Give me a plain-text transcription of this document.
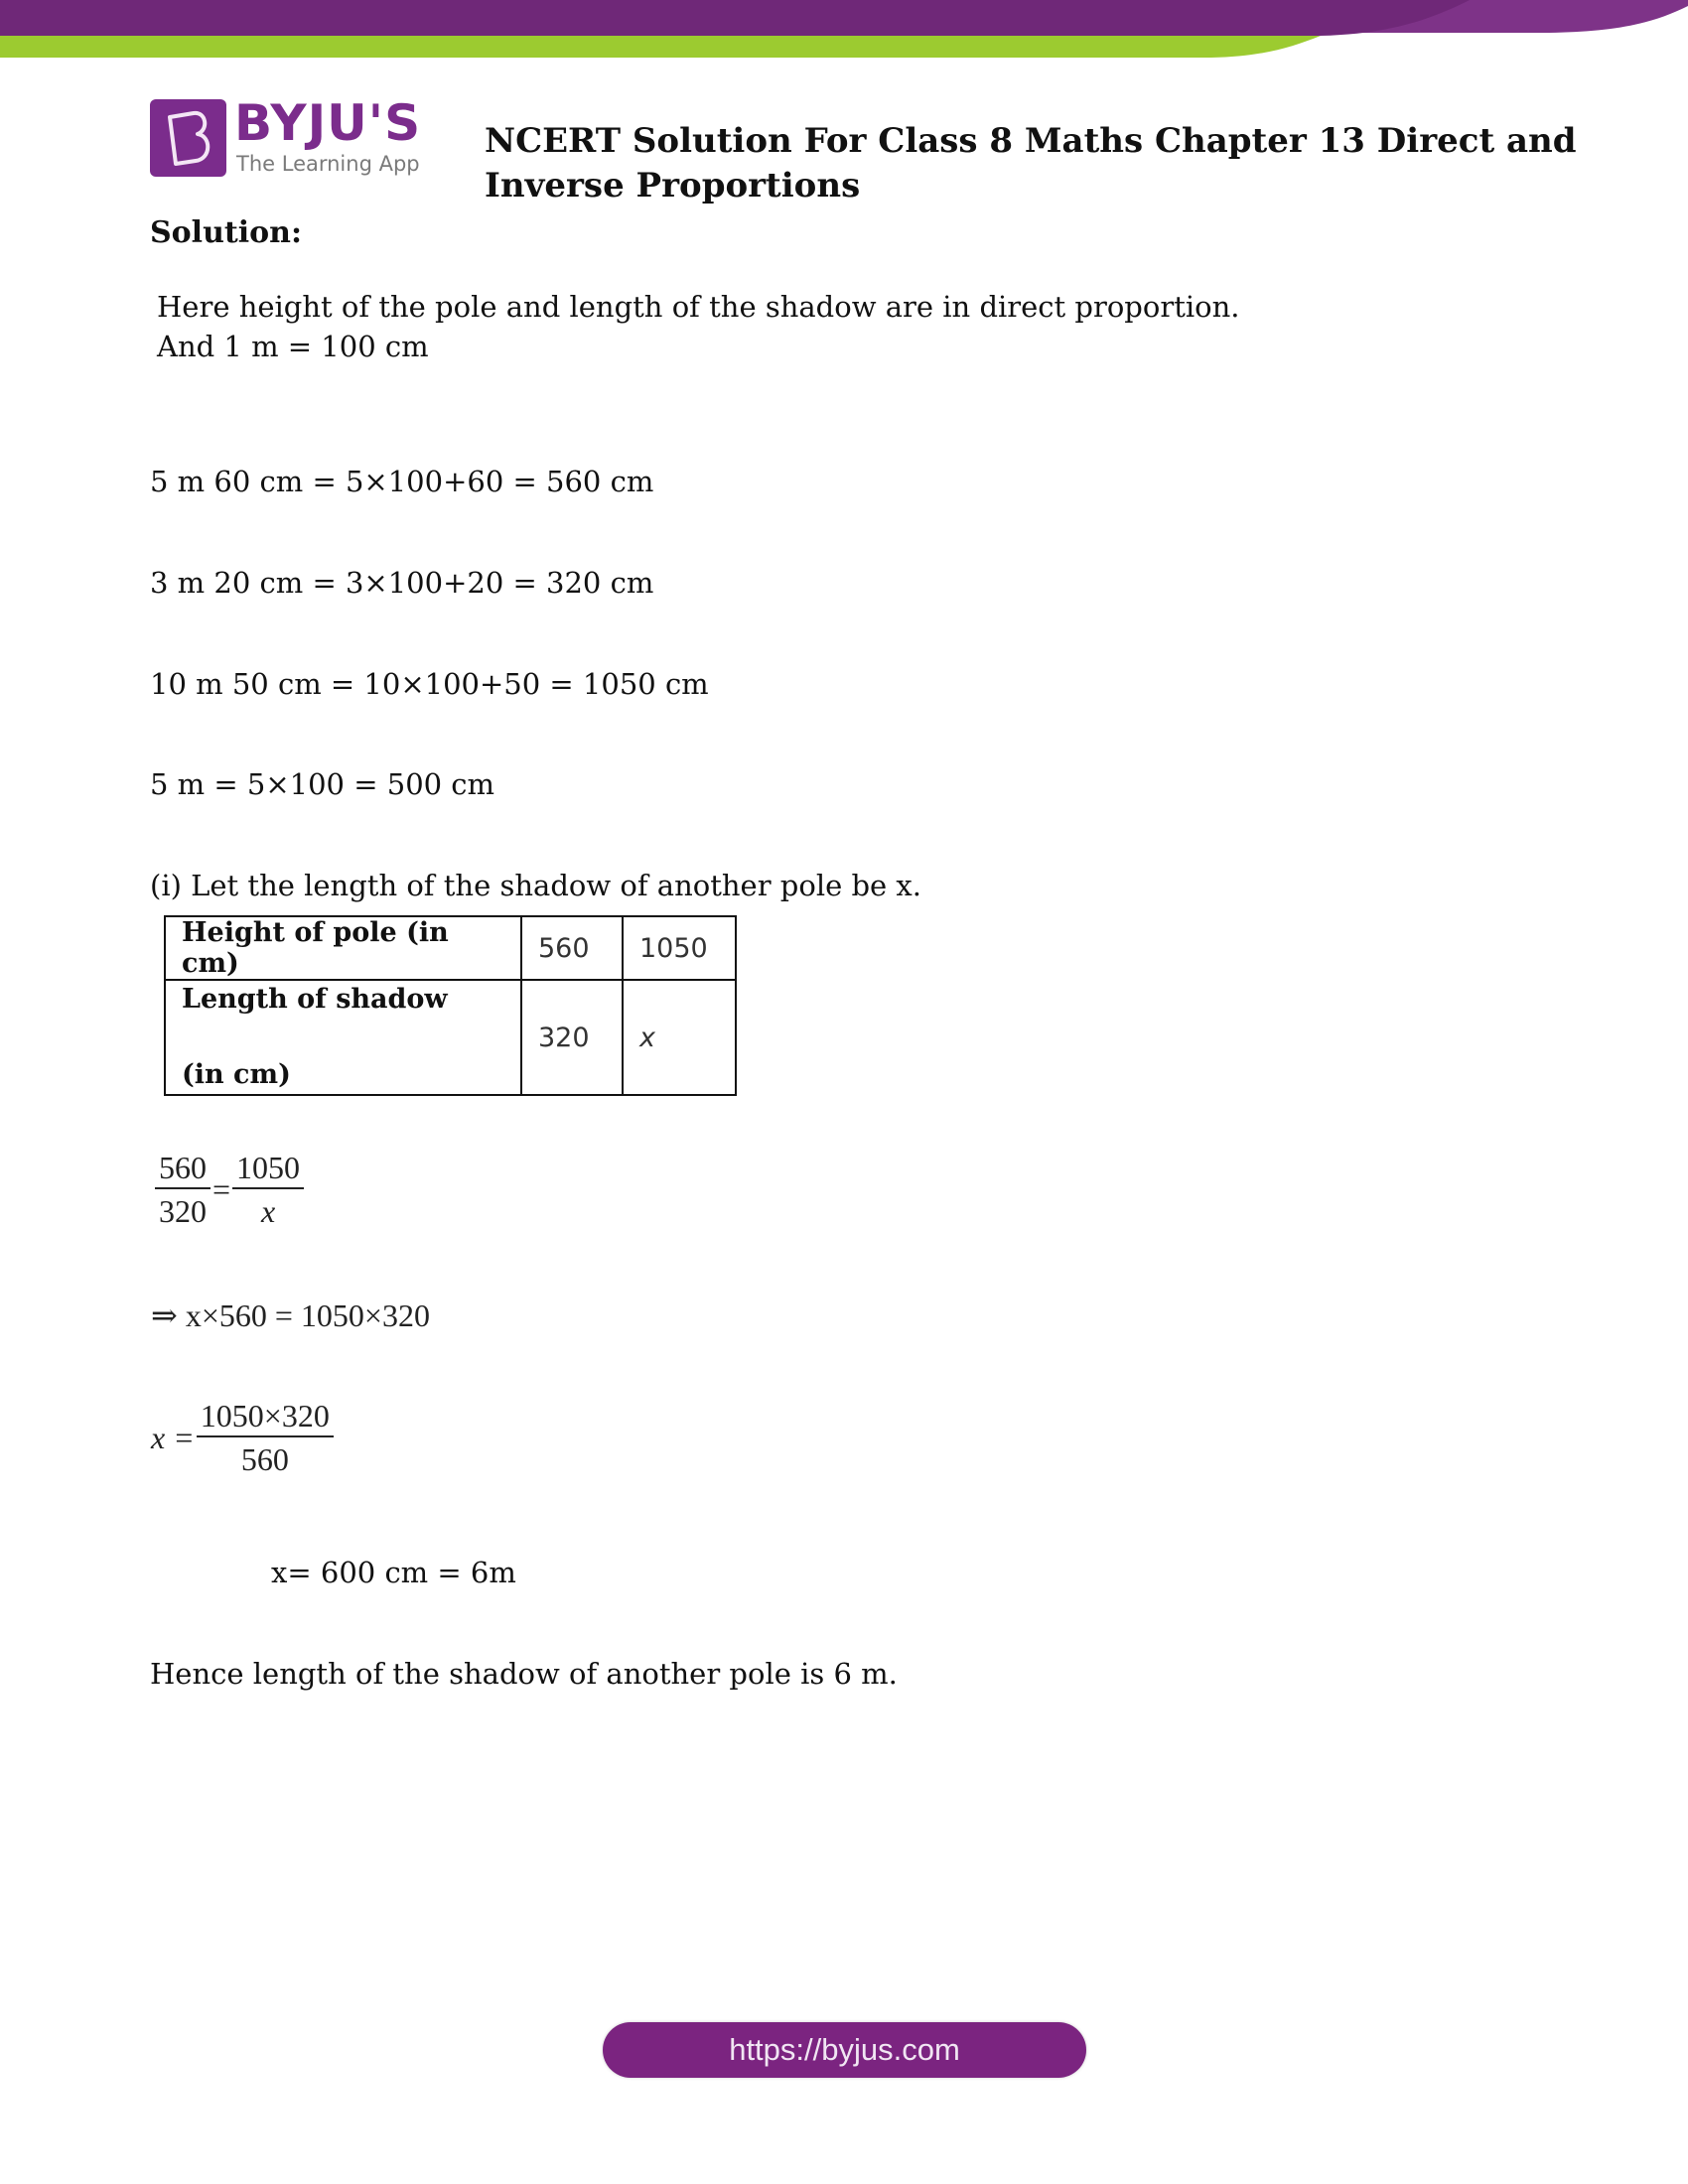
BYJU'S
The Learning App
NCERT Solution For Class 8 Maths Chapter 13 Direct and Inverse Proportions
Solution:
Here height of the pole and length of the shadow are in direct proportion.
And 1 m = 100 cm
5 m 60 cm = 5×100+60 = 560 cm
3 m 20 cm = 3×100+20 = 320 cm
10 m 50 cm = 10×100+50 = 1050 cm
5 m = 5×100 = 500 cm
(i) Let the length of the shadow of another pole be x.
Height of pole (in cm)	560	1050

Length of shadow
(in cm)	320	x
$\frac{560}{320} = \frac{1050}{x}$
⇒ x×560 = 1050×320
$x = \frac{1050\times 320}{560}$
x= 600 cm = 6m
Hence length of the shadow of another pole is 6 m.
https://byjus.com
